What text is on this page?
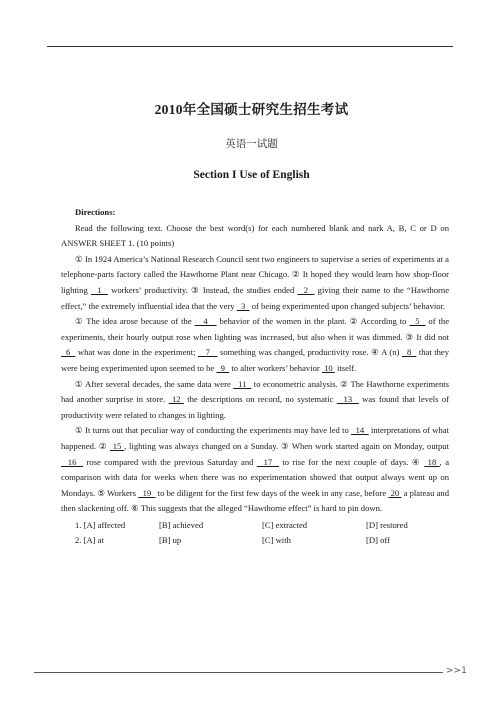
2010年全国硕士研究生招生考试
英语一试题
Section I Use of English
Directions:

Read the following text. Choose the best word(s) for each numbered blank and nark A, B, C or D on ANSWER SHEET 1. (10 points)

① In 1924 America’s National Research Council sent two engineers to supervise a series of experiments at a telephone-parts factory called the Hawthorne Plant near Chicago. ② It hoped they would learn how shop-floor lighting   1   workers’ productivity. ③ Instead, the studies ended   2   giving their name to the “Hawthorne effect,” the extremely influential idea that the very   3   of being experimented upon changed subjects’ behavior.

① The idea arose because of the    4    behavior of the women in the plant. ② According to   5   of the experiments, their hourly output rose when lighting was increased, but also when it was dimmed. ③ It did not   6   what was done in the experiment;    7    something was changed, productivity rose. ④ A (n)   8   that they were being experimented upon seemed to be   9   to alter workers’ behavior  10  itself.

① After several decades, the same data were   11   to econometric analysis. ② The Hawthorne experiments had another surprise in store.  12  the descriptions on record, no systematic   13   was found that levels of productivity were related to changes in lighting.

① It turns out that peculiar way of conducting the experiments may have led to   14   interpretations of what happened. ②  15 , lighting was always changed on a Sunday. ③ When work started again on Monday, output   16   rose compared with the previous Saturday and   17   to rise for the next couple of days. ④  18 , a comparison with data for weeks when there was no experimentation showed that output always went up on Mondays. ⑤ Workers   19   to be diligent for the first few days of the week in any case, before  20  a plateau and then slackening off. ⑥ This suggests that the alleged “Hawthorne effect” is hard to pin down.

1. [A] affected	[B] achieved	[C] extracted	[D] restored
2. [A] at	[B] up	[C] with	[D] off
>>1
